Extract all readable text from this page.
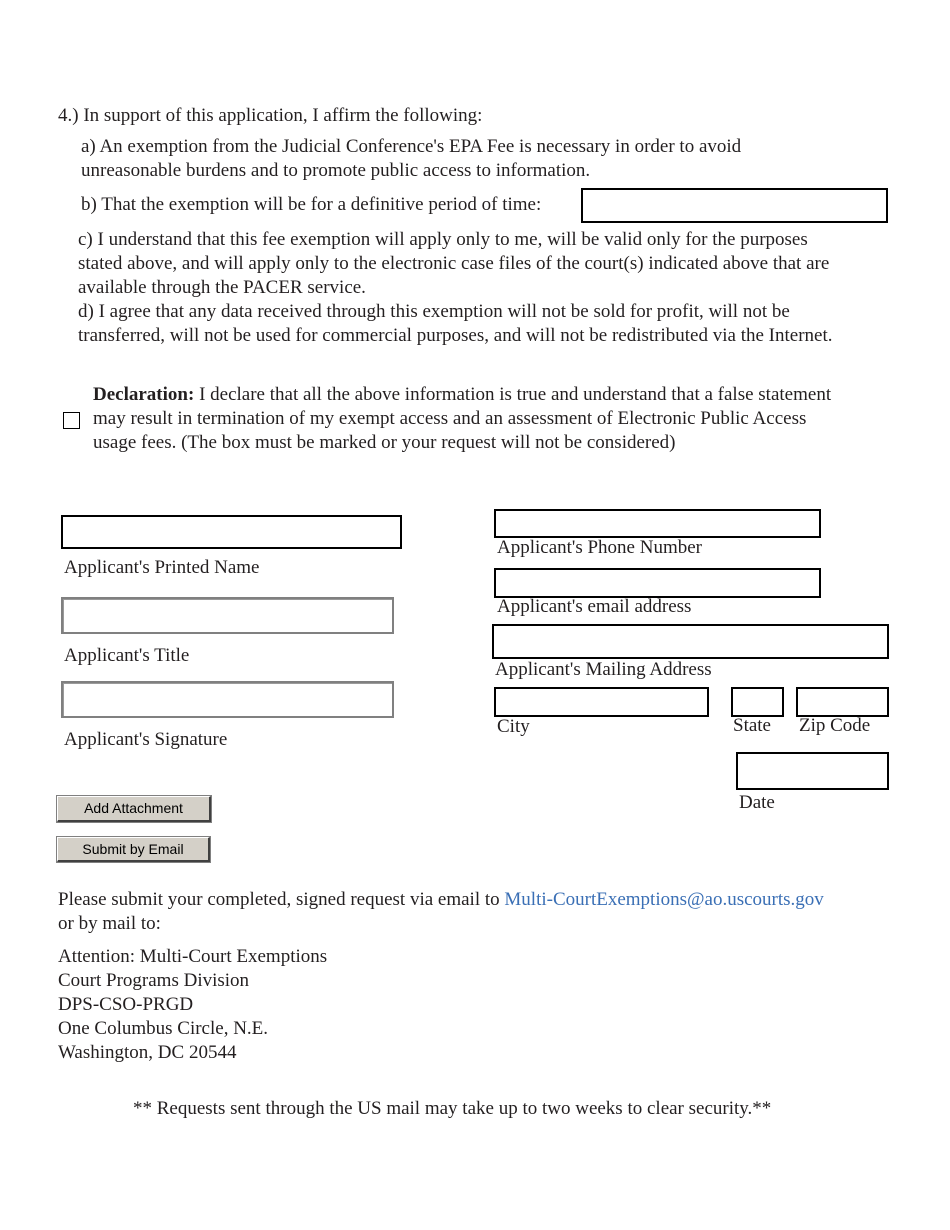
4.) In support of this application, I affirm the following:
a) An exemption from the Judicial Conference's EPA Fee is necessary in order to avoid
unreasonable burdens and to promote public access to information.
b) That the exemption will be for a definitive period of time:
c) I understand that this fee exemption will apply only to me, will be valid only for the purposes
stated above, and will apply only to the electronic case files of the court(s) indicated above that are
available through the PACER service.
d) I agree that any data received through this exemption will not be sold for profit, will not be
transferred, will not be used for commercial purposes, and will not be redistributed via the Internet.
Declaration: I declare that all the above information is true and understand that a false statement
may result in termination of my exempt access and an assessment of Electronic Public Access
usage fees. (The box must be marked or your request will not be considered)
Applicant's Printed Name
Applicant's Title
Applicant's Signature
Applicant's Phone Number
Applicant's email address
Applicant's Mailing Address
City	State Zip Code
Date
Add Attachment
Submit by Email
Please submit your completed, signed request via email to Multi-CourtExemptions@ao.uscourts.gov
or by mail to:
Attention: Multi-Court Exemptions
Court Programs Division
DPS-CSO-PRGD
One Columbus Circle, N.E.
Washington, DC 20544
** Requests sent through the US mail may take up to two weeks to clear security.**
